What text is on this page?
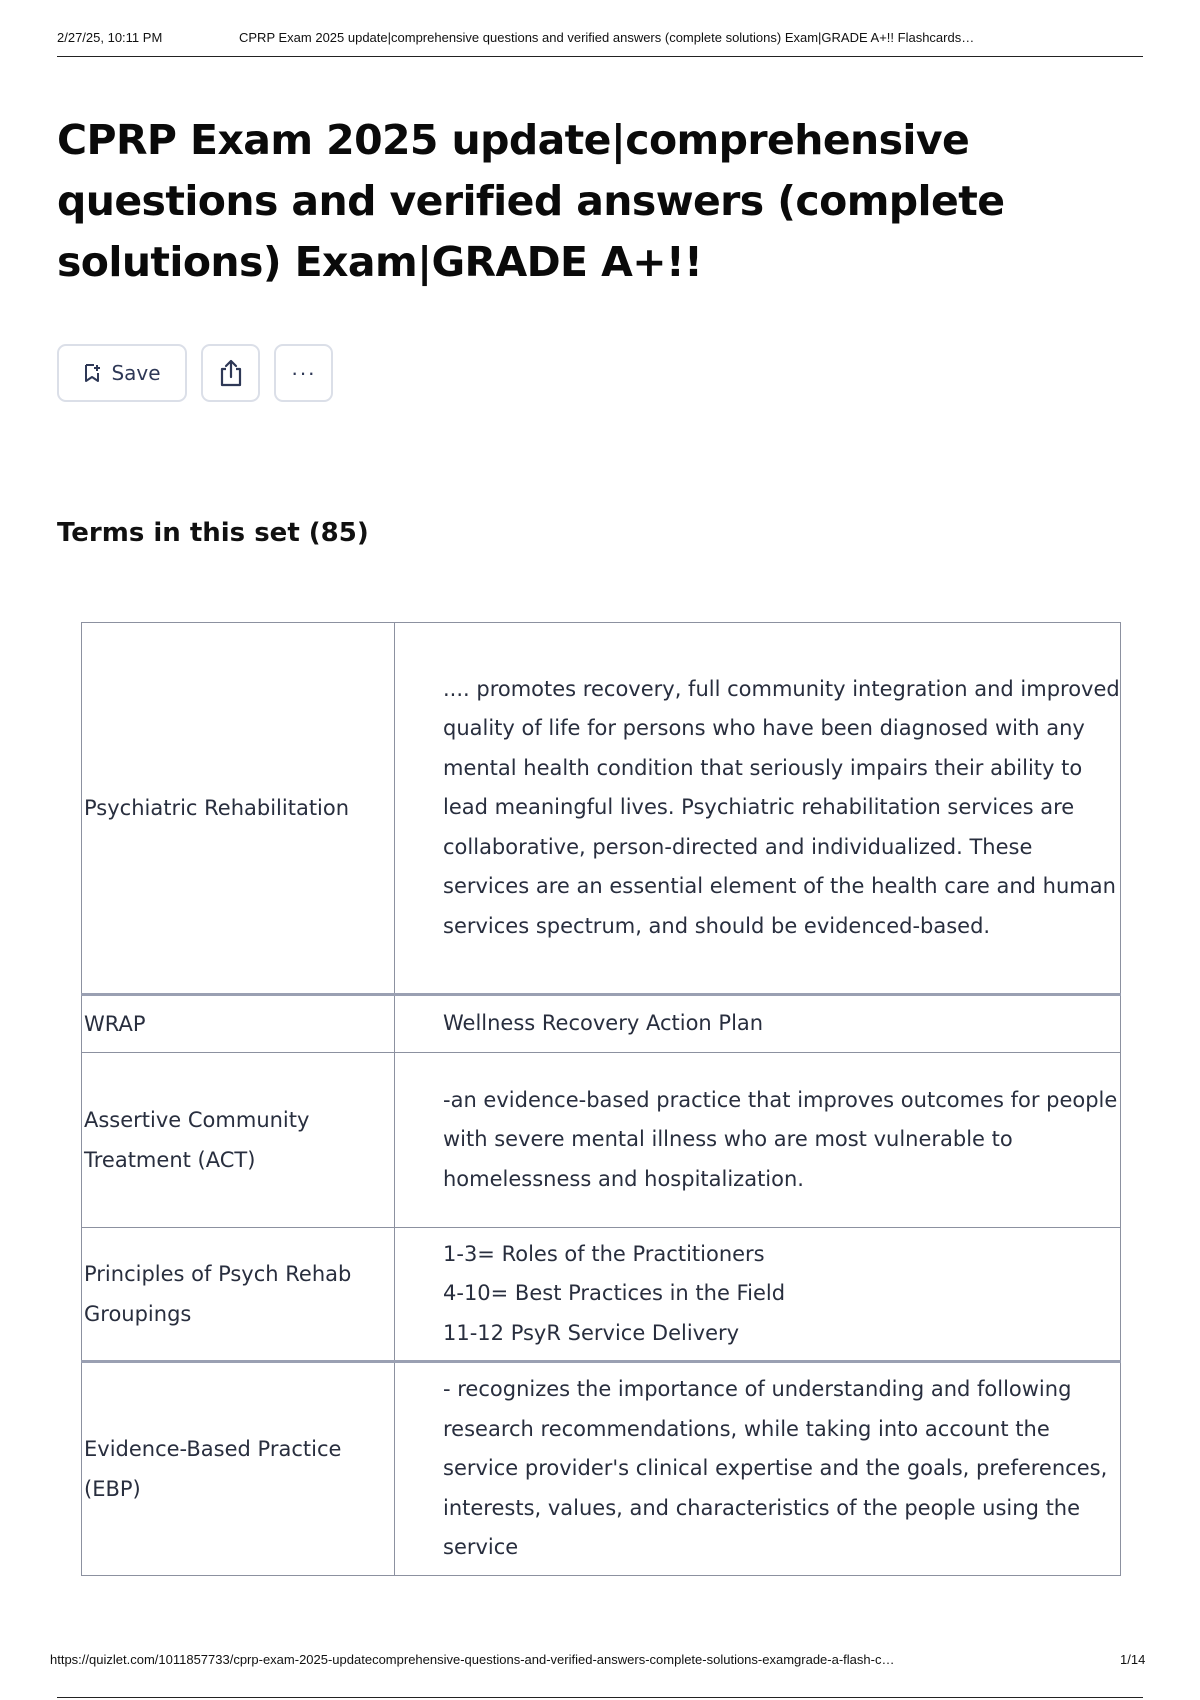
2/27/25, 10:11 PM	CPRP Exam 2025 update|comprehensive questions and verified answers (complete solutions) Exam|GRADE A+!! Flashcards…
CPRP Exam 2025 update|comprehensive questions and verified answers (complete solutions) Exam|GRADE A+!!
Save	···
Terms in this set (85)
Psychiatric Rehabilitation	.... promotes recovery, full community integration and improved quality of life for persons who have been diagnosed with any mental health condition that seriously impairs their ability to lead meaningful lives. Psychiatric rehabilitation services are collaborative, person-directed and individualized. These services are an essential element of the health care and human services spectrum, and should be evidenced-based.
WRAP	Wellness Recovery Action Plan
Assertive Community Treatment (ACT)	-an evidence-based practice that improves outcomes for people with severe mental illness who are most vulnerable to homelessness and hospitalization.
Principles of Psych Rehab Groupings	1-3= Roles of the Practitioners
4-10= Best Practices in the Field
11-12 PsyR Service Delivery

Evidence-Based Practice (EBP)	- recognizes the importance of understanding and following research recommendations, while taking into account the service provider's clinical expertise and the goals, preferences, interests, values, and characteristics of the people using the service
https://quizlet.com/1011857733/cprp-exam-2025-updatecomprehensive-questions-and-verified-answers-complete-solutions-examgrade-a-flash-c…	1/14
